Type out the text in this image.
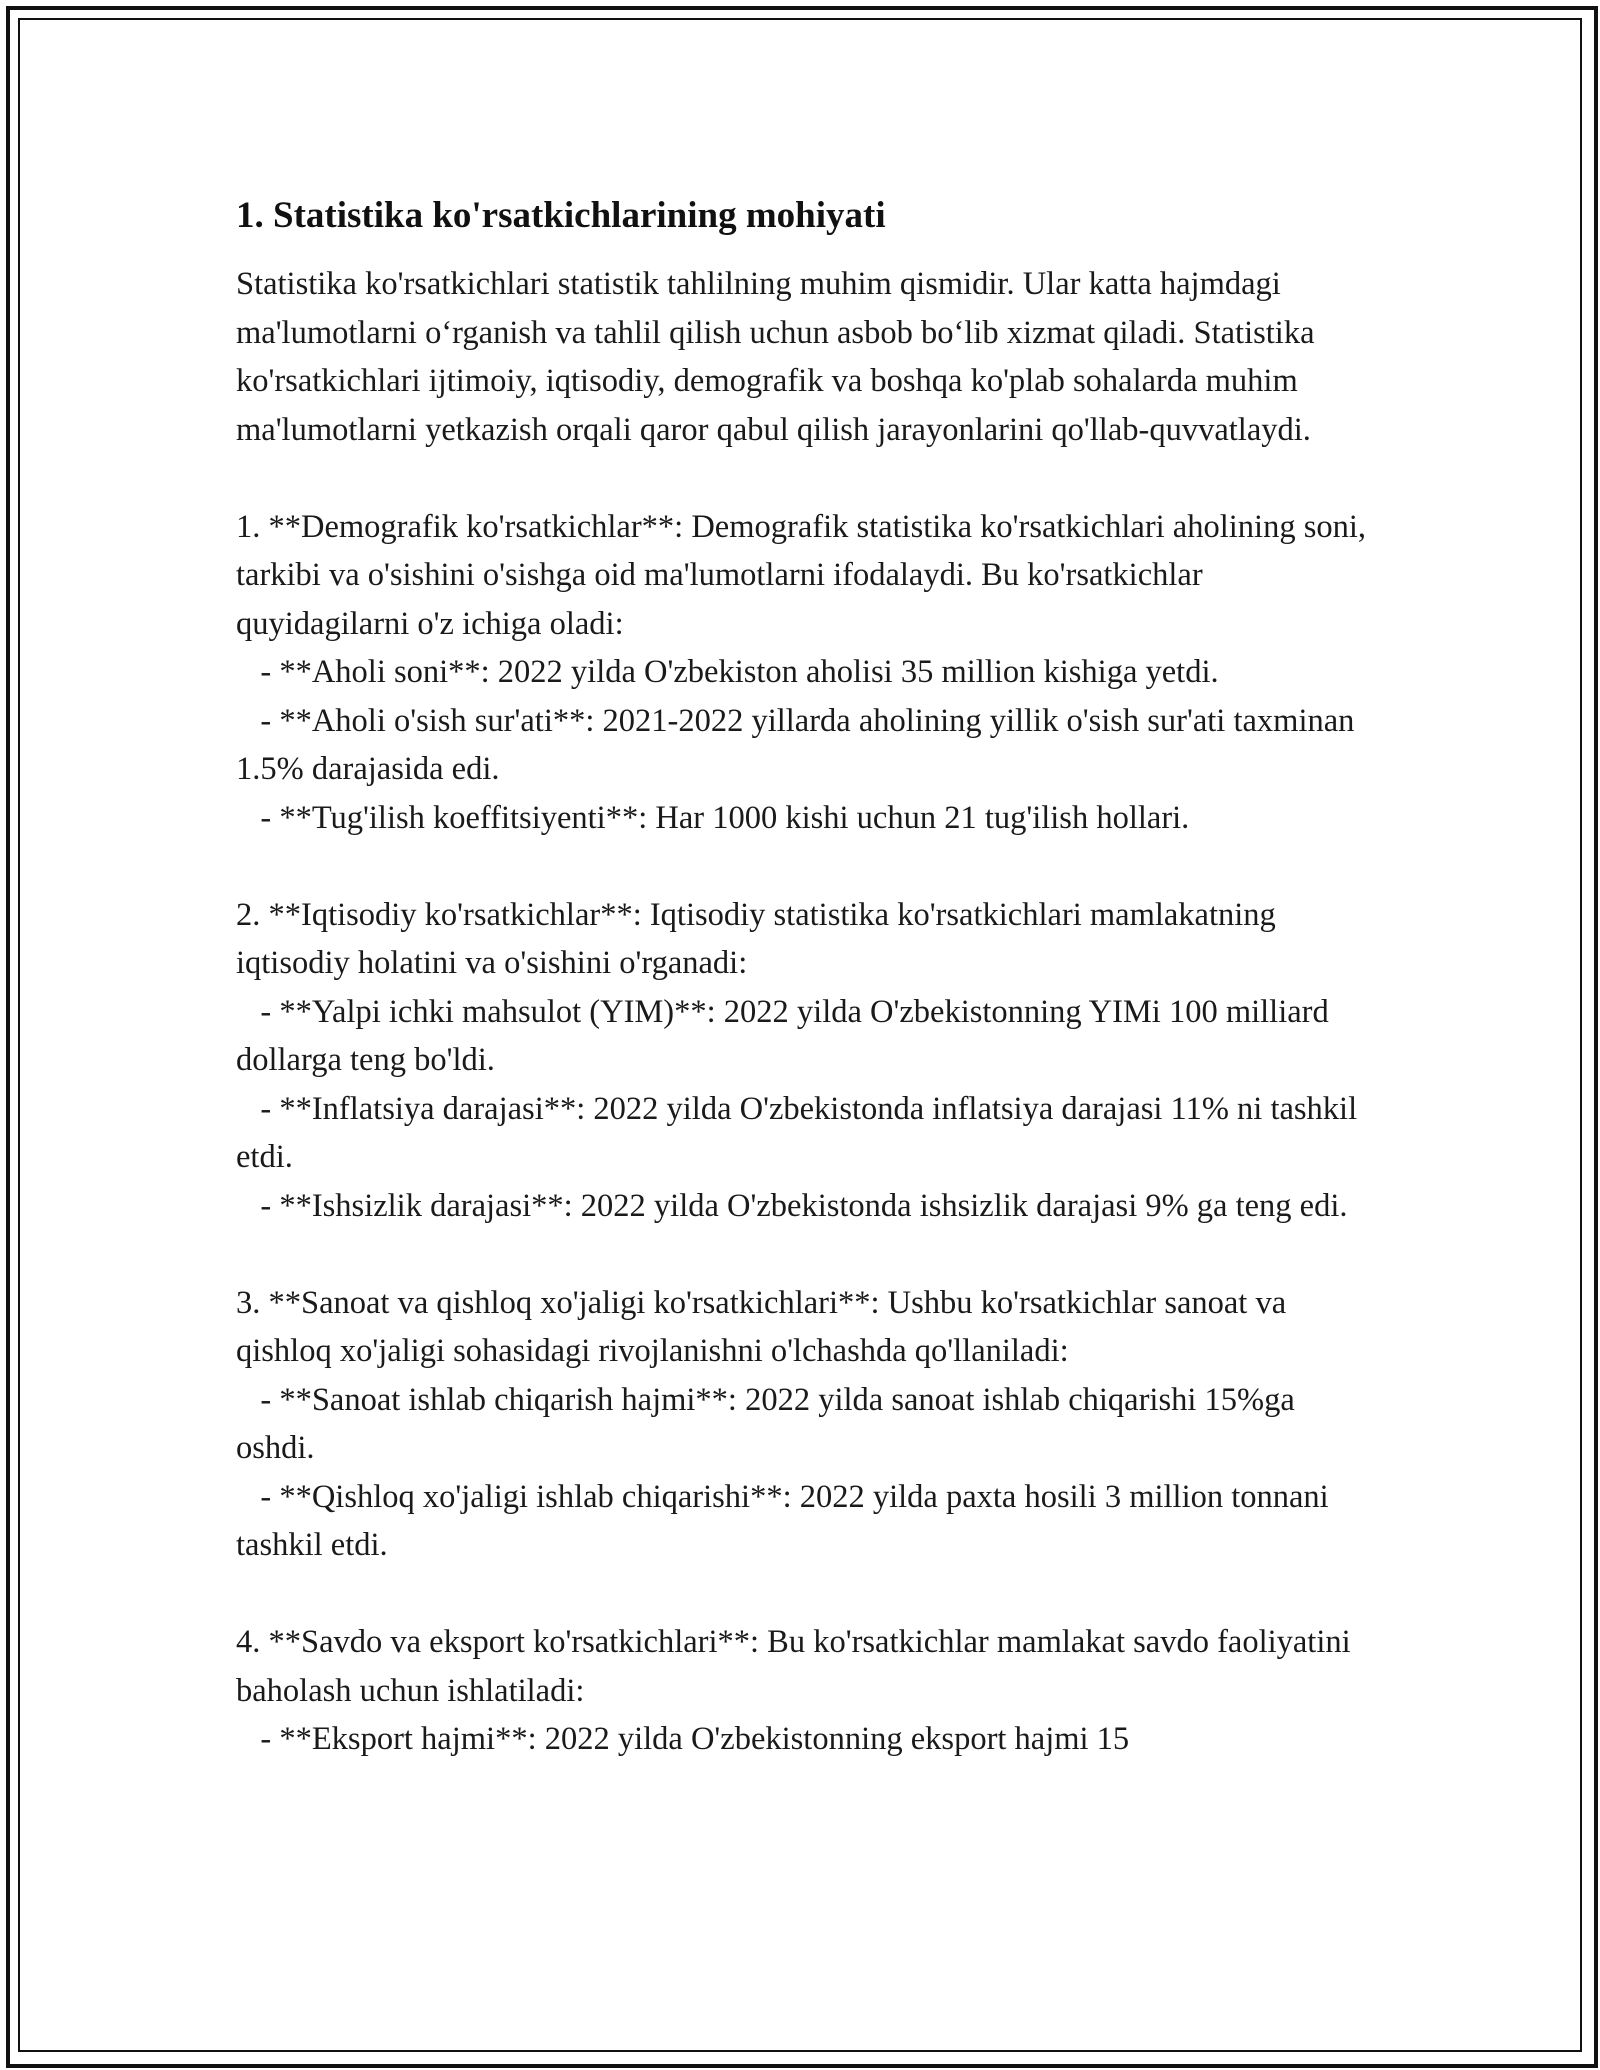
1. Statistika ko'rsatkichlarining mohiyati

Statistika ko'rsatkichlari statistik tahlilning muhim qismidir. Ular katta hajmdagi ma'lumotlarni o‘rganish va tahlil qilish uchun asbob bo‘lib xizmat qiladi. Statistika ko'rsatkichlari ijtimoiy, iqtisodiy, demografik va boshqa ko'plab sohalarda muhim ma'lumotlarni yetkazish orqali qaror qabul qilish jarayonlarini qo'llab-quvvatlaydi.

1. **Demografik ko'rsatkichlar**: Demografik statistika ko'rsatkichlari aholining soni, tarkibi va o'sishini o'sishga oid ma'lumotlarni ifodalaydi. Bu ko'rsatkichlar quyidagilarni o'z ichiga oladi:

- **Aholi soni**: 2022 yilda O'zbekiston aholisi 35 million kishiga yetdi.

- **Aholi o'sish sur'ati**: 2021-2022 yillarda aholining yillik o'sish sur'ati taxminan 1.5% darajasida edi.

- **Tug'ilish koeffitsiyenti**: Har 1000 kishi uchun 21 tug'ilish hollari.

2. **Iqtisodiy ko'rsatkichlar**: Iqtisodiy statistika ko'rsatkichlari mamlakatning iqtisodiy holatini va o'sishini o'rganadi:

- **Yalpi ichki mahsulot (YIM)**: 2022 yilda O'zbekistonning YIMi 100 milliard dollarga teng bo'ldi.

- **Inflatsiya darajasi**: 2022 yilda O'zbekistonda inflatsiya darajasi 11% ni tashkil etdi.

- **Ishsizlik darajasi**: 2022 yilda O'zbekistonda ishsizlik darajasi 9% ga teng edi.

3. **Sanoat va qishloq xo'jaligi ko'rsatkichlari**: Ushbu ko'rsatkichlar sanoat va qishloq xo'jaligi sohasidagi rivojlanishni o'lchashda qo'llaniladi:

- **Sanoat ishlab chiqarish hajmi**: 2022 yilda sanoat ishlab chiqarishi 15%ga oshdi.

- **Qishloq xo'jaligi ishlab chiqarishi**: 2022 yilda paxta hosili 3 million tonnani tashkil etdi.

4. **Savdo va eksport ko'rsatkichlari**: Bu ko'rsatkichlar mamlakat savdo faoliyatini baholash uchun ishlatiladi:

- **Eksport hajmi**: 2022 yilda O'zbekistonning eksport hajmi 15
